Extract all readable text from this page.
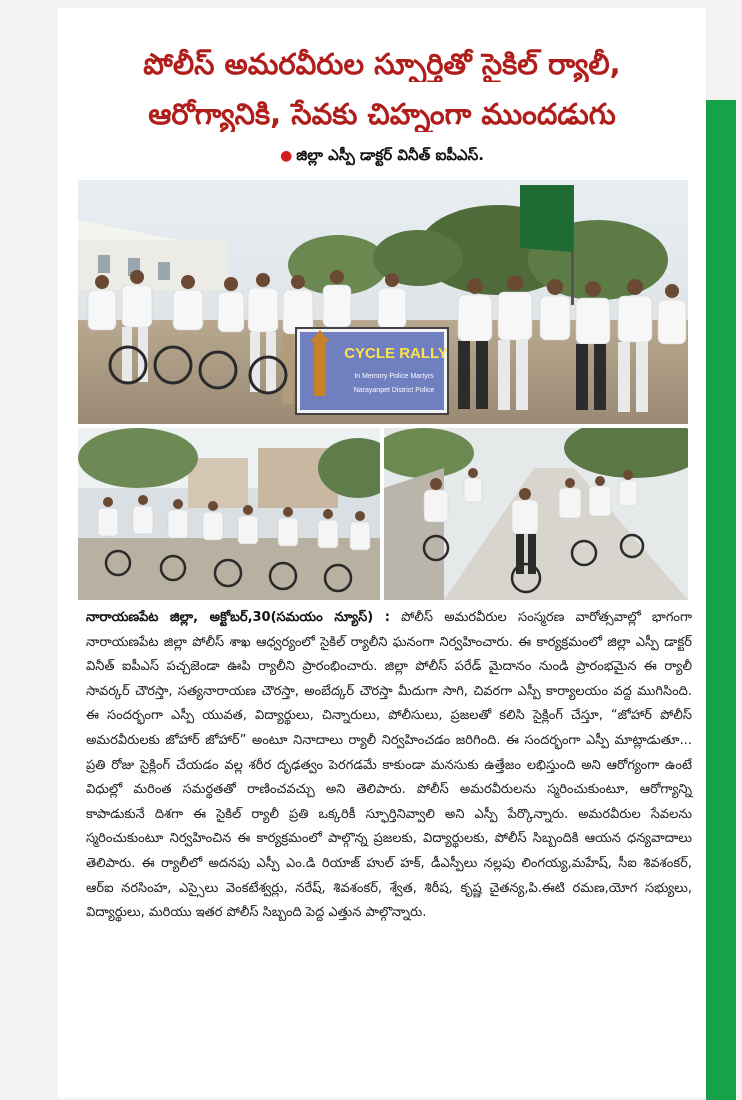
పోలీస్ అమరవీరుల స్ఫూర్తితో సైకిల్ ర్యాలీ,
ఆరోగ్యానికి, సేవకు చిహ్నంగా ముందడుగు
● జిల్లా ఎస్పీ డాక్టర్ వినీత్ ఐపీఎస్.
CYCLE RALLY
In Memory Police Martyrs
Narayanpet District Police
నారాయణపేట జిల్లా, అక్టోబర్,30(సమయం న్యూస్) : పోలీస్ అమరవీరుల సంస్మరణ వారోత్సవాల్లో భాగంగా నారాయణపేట జిల్లా పోలీస్ శాఖ ఆధ్వర్యంలో సైకిల్ ర్యాలీని ఘనంగా నిర్వహించారు. ఈ కార్యక్రమంలో జిల్లా ఎస్పీ డాక్టర్ వినీత్ ఐపీఎస్ పచ్చజెండా ఊపి ర్యాలీని ప్రారంభించారు. జిల్లా పోలీస్ పరేడ్ మైదానం నుండి ప్రారంభమైన ఈ ర్యాలీ సావర్కర్ చౌరస్తా, సత్యనారాయణ చౌరస్తా, అంబేద్కర్ చౌరస్తా మీదుగా సాగి, చివరగా ఎస్పీ కార్యాలయం వద్ద ముగిసింది. ఈ సందర్భంగా ఎస్పీ యువత, విద్యార్థులు, చిన్నారులు, పోలీసులు, ప్రజలతో కలిసి సైక్లింగ్ చేస్తూ, “జోహార్ పోలీస్ అమరవీరులకు జోహార్ జోహార్” అంటూ నినాదాలు ర్యాలీ నిర్వహించడం జరిగింది. ఈ సందర్భంగా ఎస్పీ మాట్లాడుతూ... ప్రతి రోజు సైక్లింగ్ చేయడం వల్ల శరీర దృఢత్వం పెరగడమే కాకుండా మనసుకు ఉత్తేజం లభిస్తుంది అని ఆరోగ్యంగా ఉంటే విధుల్లో మరింత సమర్థతతో రాణించవచ్చు అని తెలిపారు. పోలీస్ అమరవీరులను స్మరించుకుంటూ, ఆరోగ్యాన్ని కాపాడుకునే దిశగా ఈ సైకిల్ ర్యాలీ ప్రతి ఒక్కరికీ స్ఫూర్తినివ్వాలి అని ఎస్పీ పేర్కొన్నారు. అమరవీరుల సేవలను స్మరించుకుంటూ నిర్వహించిన ఈ కార్యక్రమంలో పాల్గొన్న ప్రజలకు, విద్యార్థులకు, పోలీస్ సిబ్బందికి ఆయన ధన్యవాదాలు తెలిపారు. ఈ ర్యాలీలో అదనపు ఎస్పీ ఎం.డి రియాజ్ హుల్ హక్, డీఎస్పీలు నల్లపు లింగయ్య,మహేష్, సీఐ శివశంకర్, ఆర్ఐ నరసింహ, ఎస్సైలు వెంకటేశ్వర్లు, నరేష్, శివశంకర్, శ్వేత, శిరీష, కృష్ణ చైతన్య,పి.ఈటి రమణ,యోగ సభ్యులు, విద్యార్థులు, మరియు ఇతర పోలీస్ సిబ్బంది పెద్ద ఎత్తున పాల్గొన్నారు.
